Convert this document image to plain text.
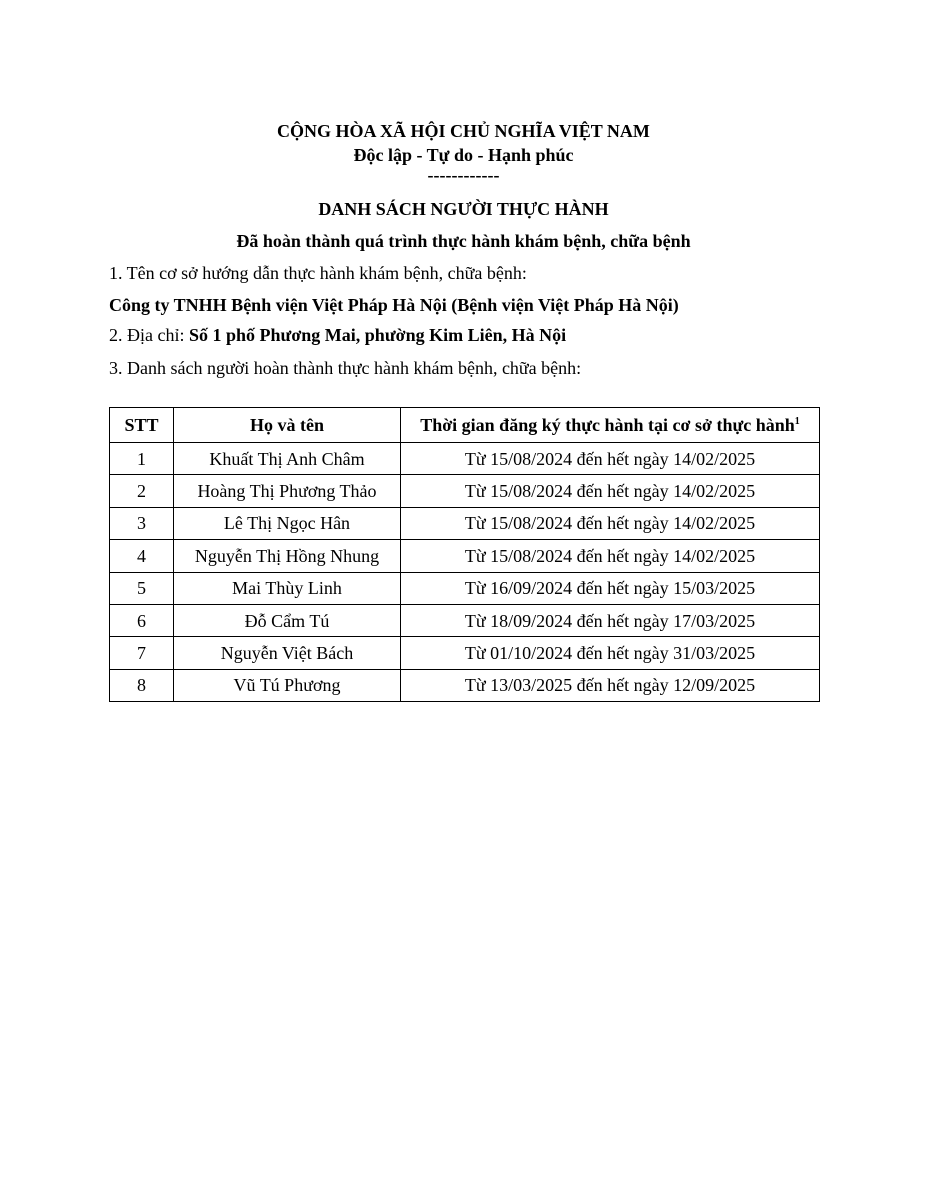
CỘNG HÒA XÃ HỘI CHỦ NGHĨA VIỆT NAM
Độc lập - Tự do - Hạnh phúc
------------
DANH SÁCH NGƯỜI THỰC HÀNH
Đã hoàn thành quá trình thực hành khám bệnh, chữa bệnh
1. Tên cơ sở hướng dẫn thực hành khám bệnh, chữa bệnh:
Công ty TNHH Bệnh viện Việt Pháp Hà Nội (Bệnh viện Việt Pháp Hà Nội)
2. Địa chỉ: Số 1 phố Phương Mai, phường Kim Liên, Hà Nội
3. Danh sách người hoàn thành thực hành khám bệnh, chữa bệnh:
STT	Họ và tên	Thời gian đăng ký thực hành tại cơ sở thực hành$^1$
1	Khuất Thị Anh Châm	Từ 15/08/2024 đến hết ngày 14/02/2025
2	Hoàng Thị Phương Thảo	Từ 15/08/2024 đến hết ngày 14/02/2025
3	Lê Thị Ngọc Hân	Từ 15/08/2024 đến hết ngày 14/02/2025
4	Nguyễn Thị Hồng Nhung	Từ 15/08/2024 đến hết ngày 14/02/2025
5	Mai Thùy Linh	Từ 16/09/2024 đến hết ngày 15/03/2025
6	Đỗ Cẩm Tú	Từ 18/09/2024 đến hết ngày 17/03/2025
7	Nguyễn Việt Bách	Từ 01/10/2024 đến hết ngày 31/03/2025
8	Vũ Tú Phương	Từ 13/03/2025 đến hết ngày 12/09/2025
